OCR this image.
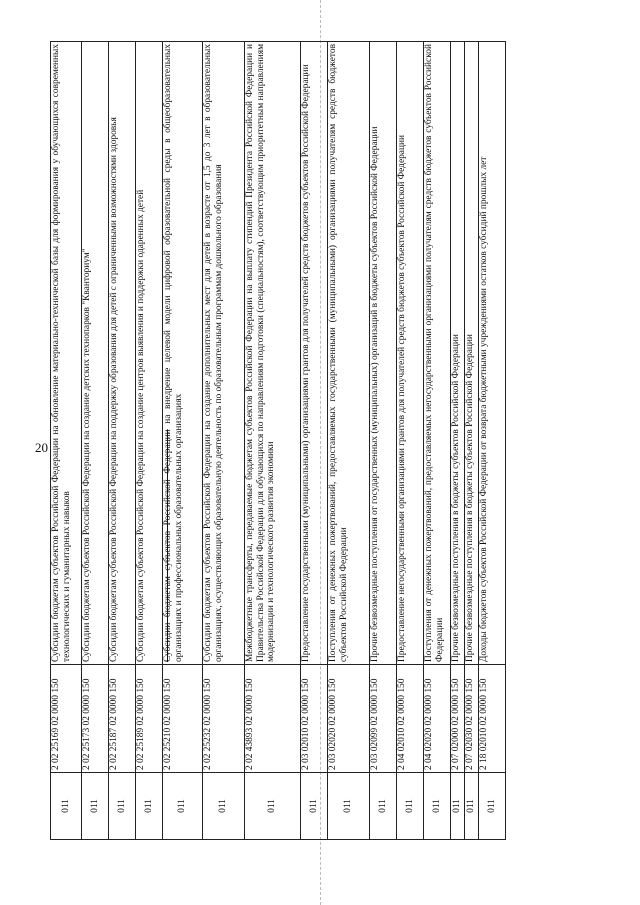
20
011	2 02 25169 02 0000 150	Субсидии бюджетам субъектов Российской Федерации на обновление материально-технической базы для формирования у обучающихся современных технологических и гуманитарных навыков
011	2 02 25173 02 0000 150	Субсидии бюджетам субъектов Российской Федерации на создание детских технопарков "Кванториум"
011	2 02 25187 02 0000 150	Субсидии бюджетам субъектов Российской Федерации на поддержку образования для детей с ограниченными возможностями здоровья
011	2 02 25189 02 0000 150	Субсидии бюджетам субъектов Российской Федерации на создание центров выявления и поддержки одаренных детей
011	2 02 25210 02 0000 150	Субсидии бюджетам субъектов Российской Федерации на внедрение целевой модели цифровой образовательной среды в общеобразовательных организациях и профессиональных образовательных организациях
011	2 02 25232 02 0000 150	Субсидии бюджетам субъектов Российской Федерации на создание дополнительных мест для детей в возрасте от 1,5 до 3 лет в образовательных организациях, осуществляющих образовательную деятельность по образовательным программам дошкольного образования
011	2 02 43893 02 0000 150	Межбюджетные трансферты, передаваемые бюджетам субъектов Российской Федерации на выплату стипендий Президента Российской Федерации и Правительства Российской Федерации для обучающихся по направлениям подготовки (специальностям), соответствующим приоритетным направлениям модернизации и технологического развития экономики
011	2 03 02010 02 0000 150	Предоставление государственными (муниципальными) организациями грантов для получателей средств бюджетов субъектов Российской Федерации
011	2 03 02020 02 0000 150	Поступления от денежных пожертвований, предоставляемых государственными (муниципальными) организациями получателям средств бюджетов субъектов Российской Федерации
011	2 03 02099 02 0000 150	Прочие безвозмездные поступления от государственных (муниципальных) организаций в бюджеты субъектов Российской Федерации
011	2 04 02010 02 0000 150	Предоставление негосударственными организациями грантов для получателей средств бюджетов субъектов Российской Федерации
011	2 04 02020 02 0000 150	Поступления от денежных пожертвований, предоставляемых негосударственными организациями получателям средств бюджетов субъектов Российской Федерации
011	2 07 02000 02 0000 150	Прочие безвозмездные поступления в бюджеты субъектов Российской Федерации
011	2 07 02030 02 0000 150	Прочие безвозмездные поступления в бюджеты субъектов Российской Федерации
011	2 18 02010 02 0000 150	Доходы бюджетов субъектов Российской Федерации от возврата бюджетными учреждениями остатков субсидий прошлых лет
